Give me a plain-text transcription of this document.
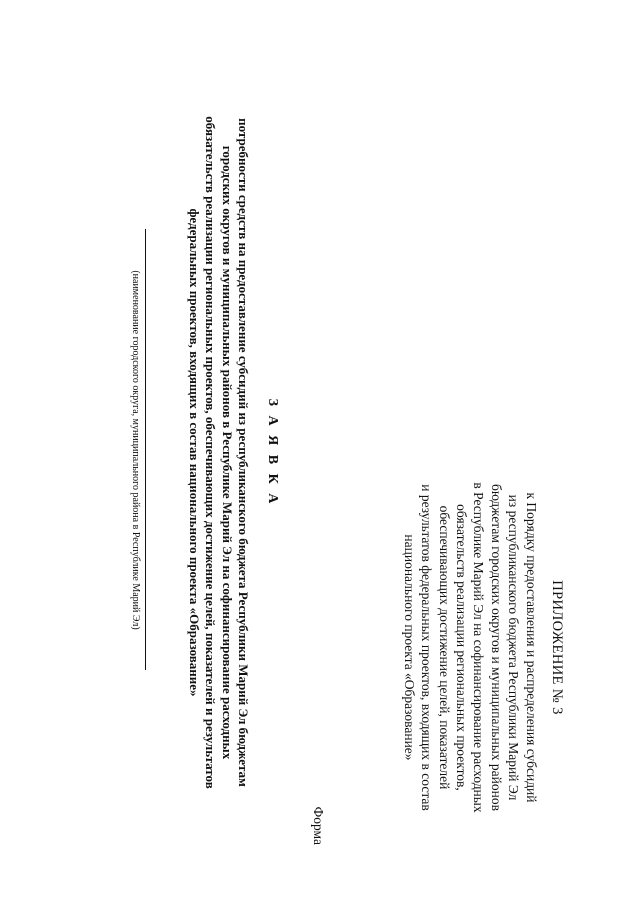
ПРИЛОЖЕНИЕ № 3
к Порядку предоставления и распределения субсидий
из республиканского бюджета Республики Марий Эл
бюджетам городских округов и муниципальных районов
в Республике Марий Эл на софинансирование расходных
обязательств реализации региональных проектов,
обеспечивающих достижение целей, показателей
и результатов федеральных проектов, входящих в состав
национального проекта «Образование»
Форма
З А Я В К А
потребности средств на предоставление субсидий из республиканского бюджета Республики Марий Эл бюджетам
городских округов и муниципальных районов в Республике Марий Эл на софинансирование расходных
обязательств реализации региональных проектов, обеспечивающих достижение целей, показателей и результатов
федеральных проектов, входящих в состав национального проекта «Образование»
(наименование городского округа, муниципального района в Республике Марий Эл)
